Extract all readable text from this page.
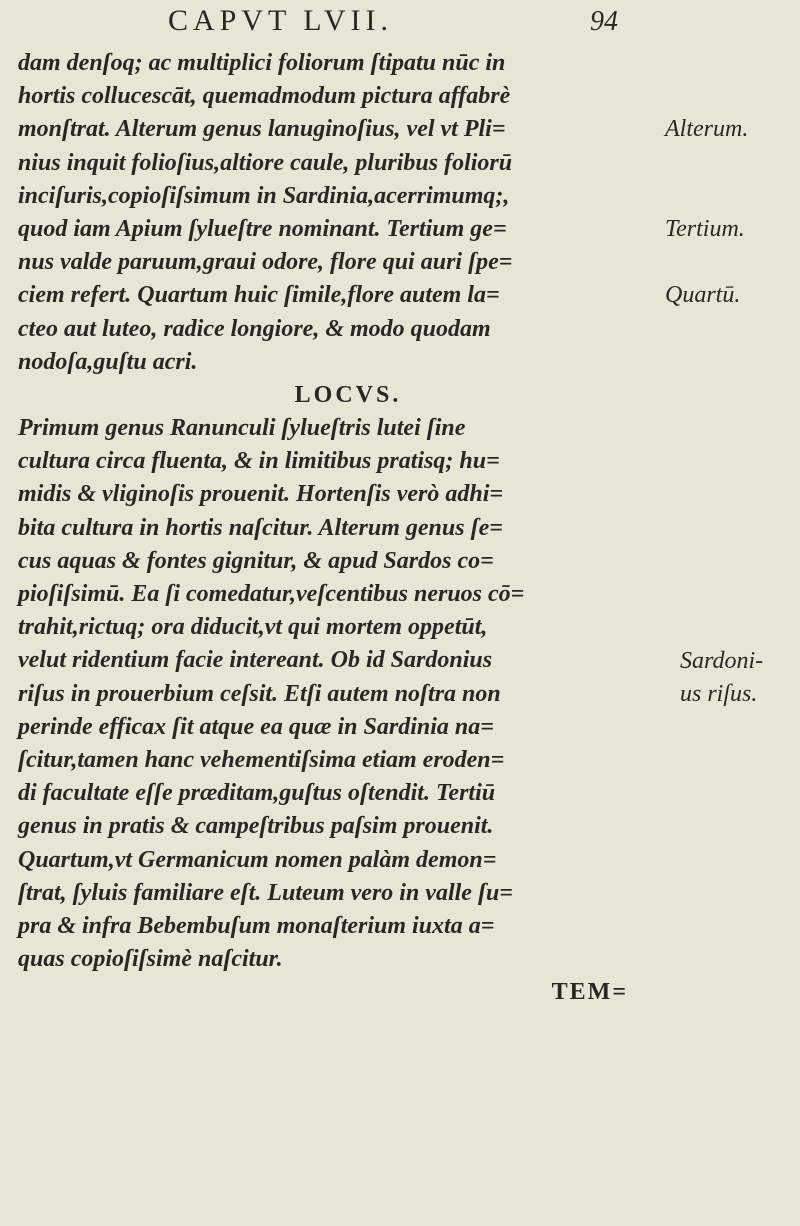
CAPVT LVII.	94
dam denſoq; ac multiplici foliorum ſtipatu nūc in
hortis collucescāt, quemadmodum pictura affabrè
monſtrat. Alterum genus lanuginoſius, vel vt Pli=
nius inquit folioſius,altiore caule, pluribus foliorū
inciſuris,copioſiſsimum in Sardinia,acerrimumq;,
quod iam Apium ſylueſtre nominant. Tertium ge=
nus valde paruum,graui odore, flore qui auri ſpe=
ciem refert. Quartum huic ſimile,flore autem la=
cteo aut luteo, radice longiore, & modo quodam
nodoſa,guſtu acri.
LOCVS.
Primum genus Ranunculi ſylueſtris lutei ſine
cultura circa fluenta, & in limitibus pratisq; hu=
midis & vliginoſis prouenit. Hortenſis verò adhi=
bita cultura in hortis naſcitur. Alterum genus ſe=
cus aquas & fontes gignitur, & apud Sardos co=
pioſiſsimū. Ea ſi comedatur,veſcentibus neruos cō=
trahit,rictuq; ora diducit,vt qui mortem oppetūt,
velut ridentium facie intereant. Ob id Sardonius
riſus in prouerbium ceſsit. Etſi autem noſtra non
perinde efficax ſit atque ea quæ in Sardinia na=
ſcitur,tamen hanc vehementiſsima etiam eroden=
di facultate eſſe præditam,guſtus oſtendit. Tertiū
genus in pratis & campeſtribus paſsim prouenit.
Quartum,vt Germanicum nomen palàm demon=
ſtrat, ſyluis familiare eſt. Luteum vero in valle ſu=
pra & infra Bebembuſum monaſterium iuxta a=
quas copioſiſsimè naſcitur.
TEM=
Alterum.
Tertium.
Quartū.
Sardoni-
us riſus.
